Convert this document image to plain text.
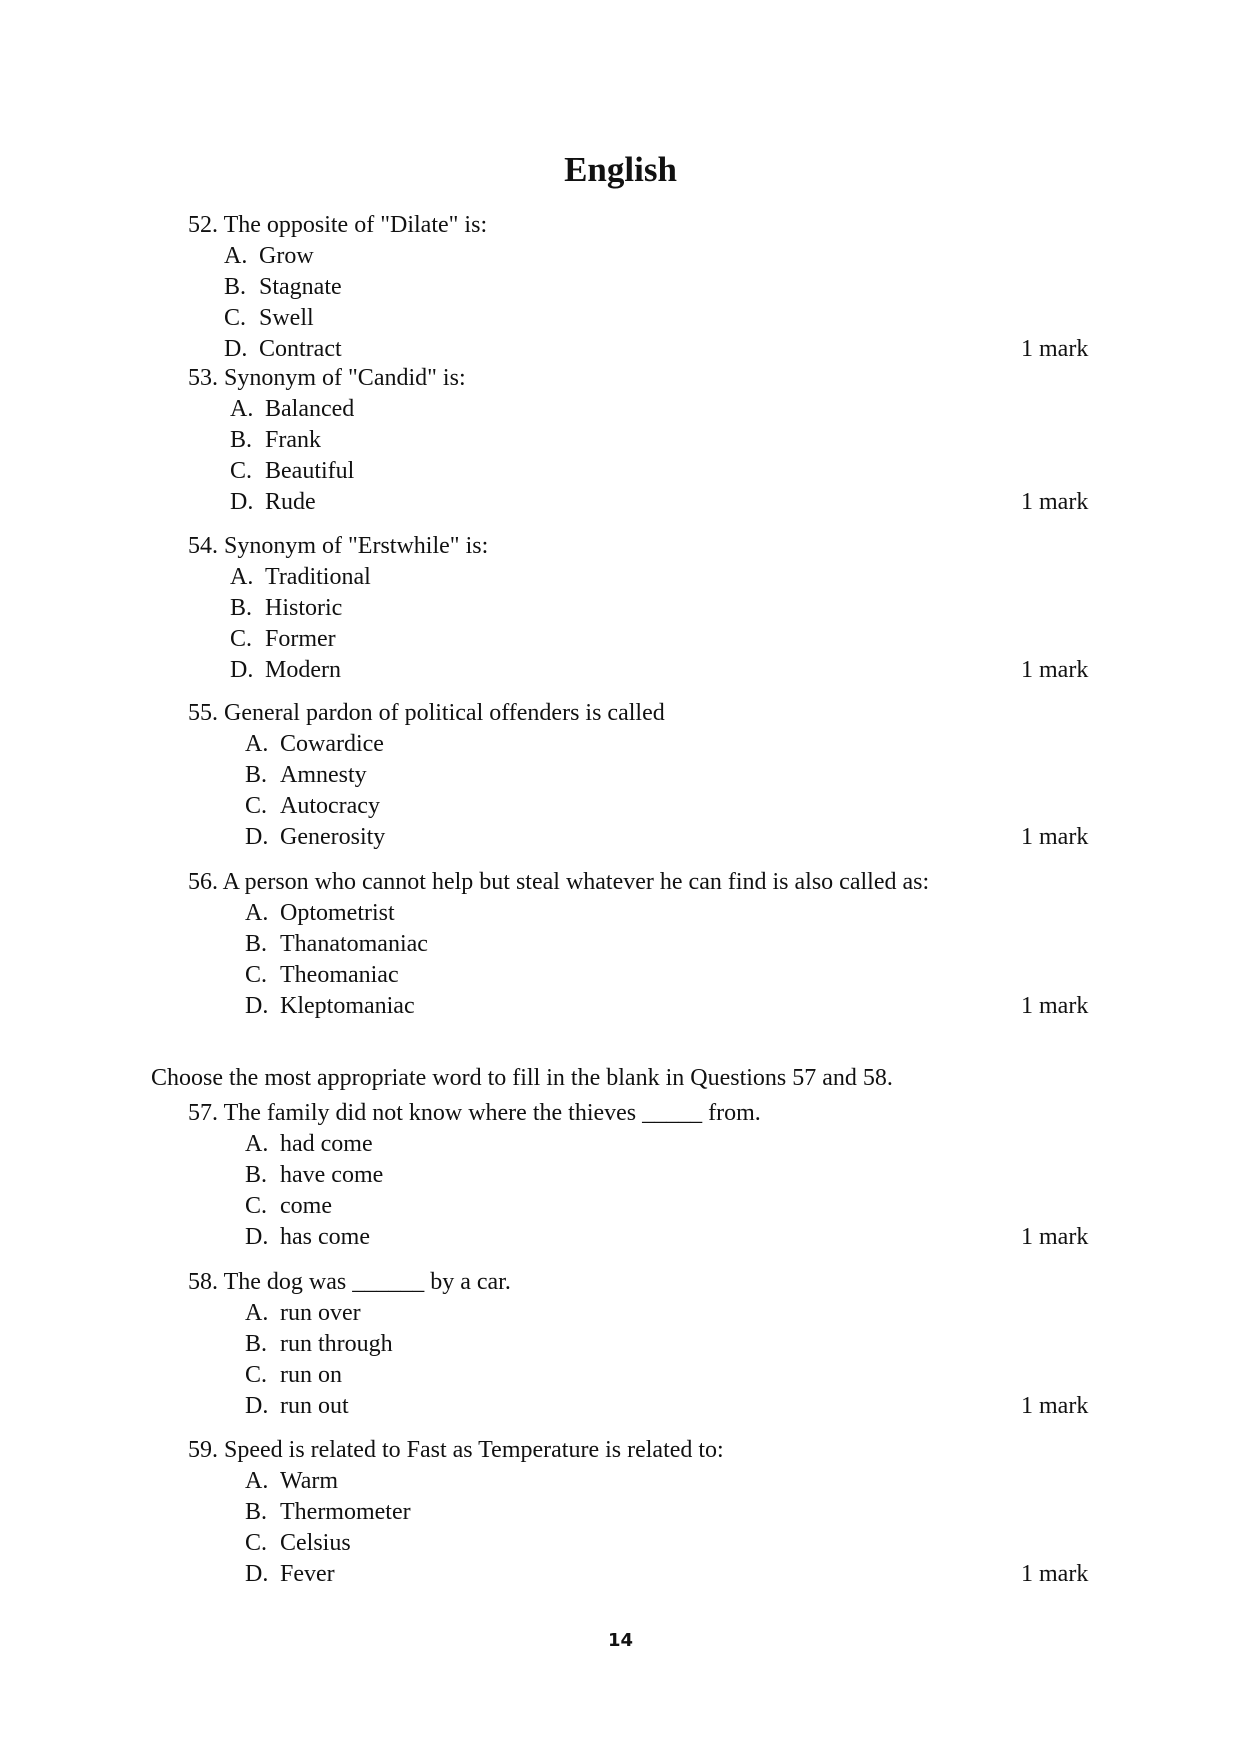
English
52. The opposite of "Dilate" is:
A. Grow
B. Stagnate
C. Swell
D. Contract	1 mark
53. Synonym of "Candid" is:
A. Balanced
B. Frank
C. Beautiful
D. Rude	1 mark
54. Synonym of "Erstwhile" is:
A. Traditional
B. Historic
C. Former
D. Modern	1 mark
55. General pardon of political offenders is called
A. Cowardice
B. Amnesty
C. Autocracy
D. Generosity	1 mark
56. A person who cannot help but steal whatever he can find is also called as:
A. Optometrist
B. Thanatomaniac
C. Theomaniac
D. Kleptomaniac	1 mark
57. The family did not know where the thieves _____ from.
A. had come
B. have come
C. come
D. has come	1 mark
58. The dog was ______ by a car.
A. run over
B. run through
C. run on
D. run out	1 mark
59. Speed is related to Fast as Temperature is related to:
A. Warm
B. Thermometer
C. Celsius
D. Fever	1 mark
Choose the most appropriate word to fill in the blank in Questions 57 and 58.
14
